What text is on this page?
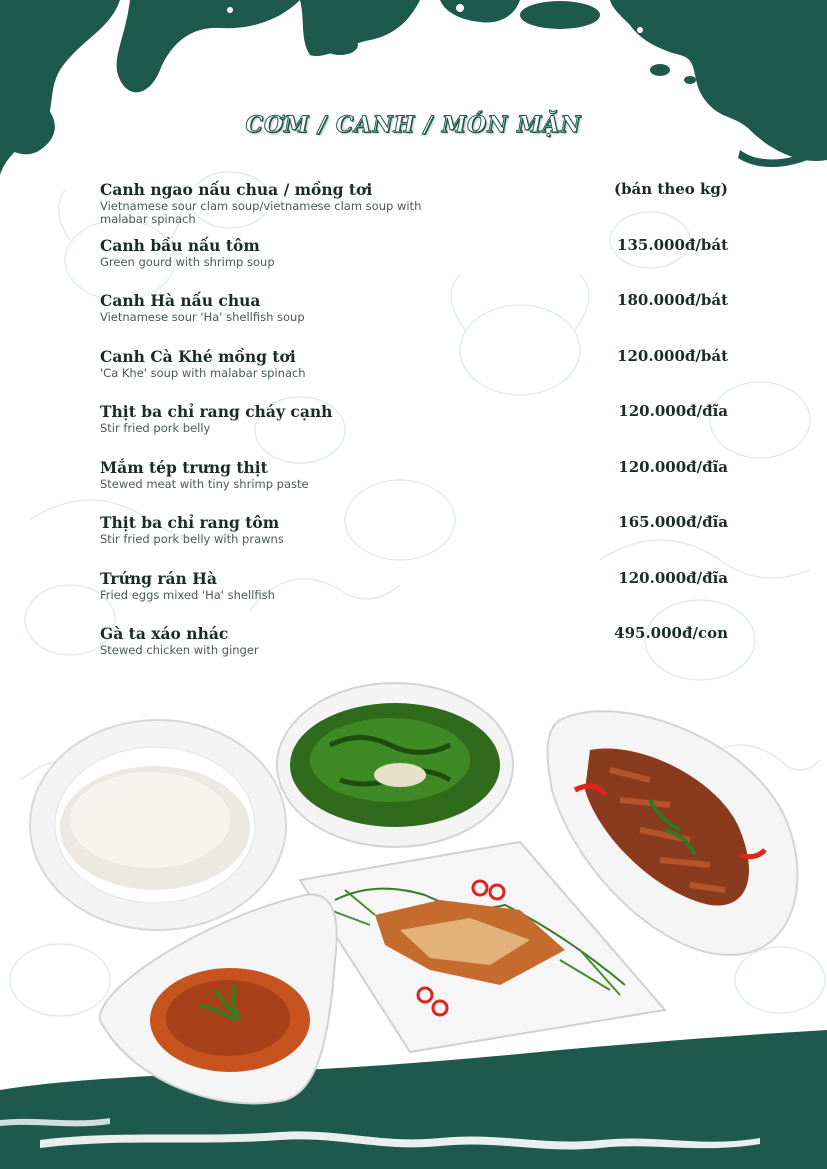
CƠM / CANH / MÓN MẶN
Canh ngao nấu chua / mồng tơi	(bán theo kg)
Vietnamese sour clam soup/vietnamese clam soup with malabar spinach
Canh bầu nấu tôm	135.000đ/bát
Green gourd with shrimp soup
Canh Hà nấu chua	180.000đ/bát
Vietnamese sour 'Ha' shellfish soup
Canh Cà Khé mồng tơi	120.000đ/bát
'Ca Khe' soup with malabar spinach
Thịt ba chỉ rang cháy cạnh	120.000đ/đĩa
Stir fried pork belly
Mắm tép trưng thịt	120.000đ/đĩa
Stewed meat with tiny shrimp paste
Thịt ba chỉ rang tôm	165.000đ/đĩa
Stir fried pork belly with prawns
Trứng rán Hà	120.000đ/đĩa
Fried eggs mixed 'Ha' shellfish
Gà ta xáo nhác	495.000đ/con
Stewed chicken with ginger
